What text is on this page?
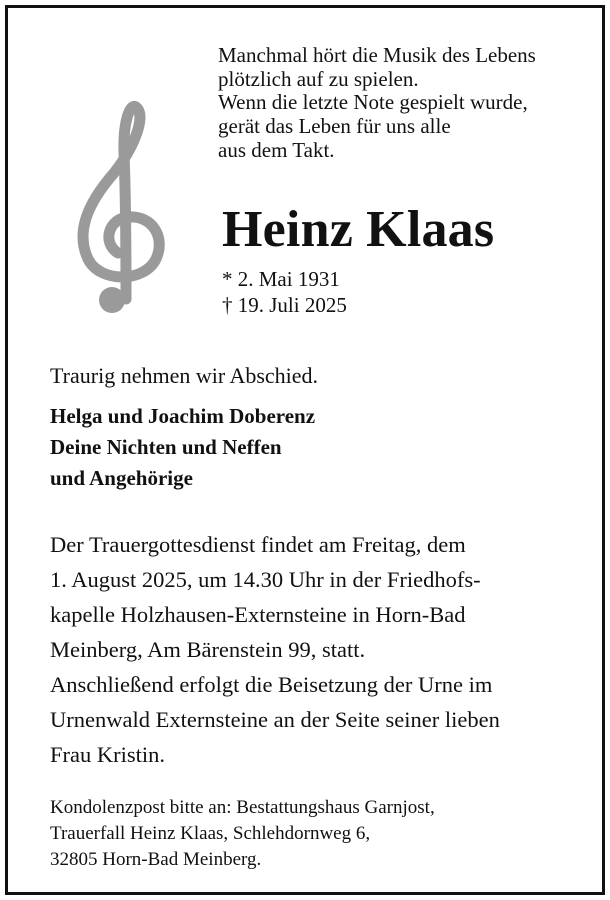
Manchmal hört die Musik des Lebens
plötzlich auf zu spielen.
Wenn die letzte Note gespielt wurde,
gerät das Leben für uns alle
aus dem Takt.
Heinz Klaas
* 2. Mai 1931
† 19. Juli 2025
Traurig nehmen wir Abschied.
Helga und Joachim Doberenz
Deine Nichten und Neffen
und Angehörige
Der Trauergottesdienst findet am Freitag, dem
1. August 2025, um 14.30 Uhr in der Friedhofs-
kapelle Holzhausen-Externsteine in Horn-Bad
Meinberg, Am Bärenstein 99, statt.
Anschließend erfolgt die Beisetzung der Urne im
Urnenwald Externsteine an der Seite seiner lieben
Frau Kristin.
Kondolenzpost bitte an: Bestattungshaus Garnjost,
Trauerfall Heinz Klaas, Schlehdornweg 6,
32805 Horn-Bad Meinberg.
